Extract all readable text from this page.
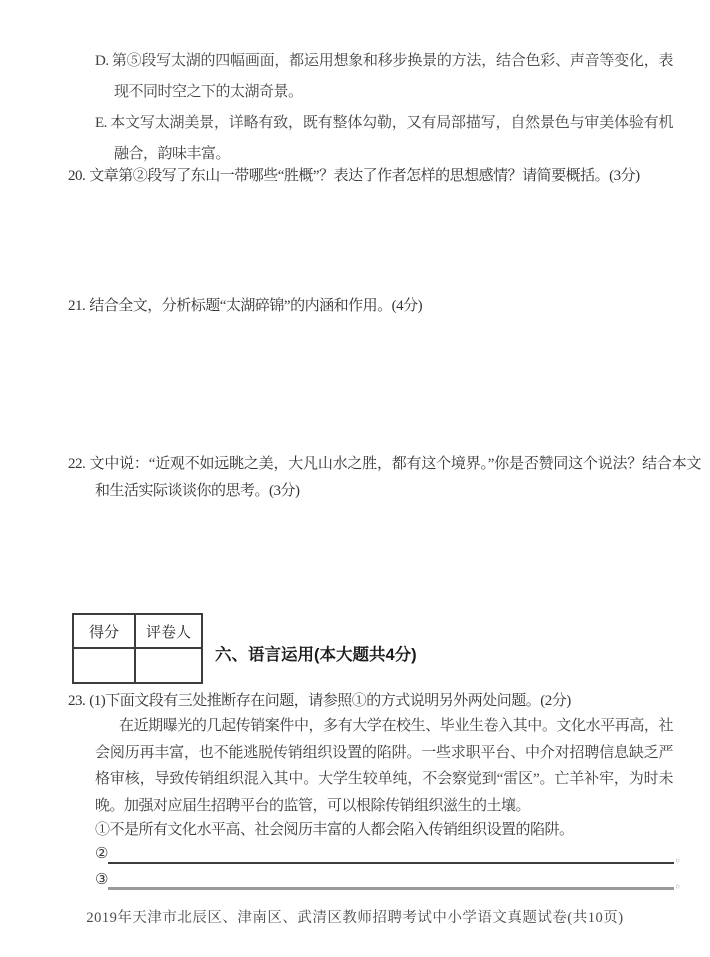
D. 第⑤段写太湖的四幅画面，都运用想象和移步换景的方法，结合色彩、声音等变化，表现不同时空之下的太湖奇景。
E. 本文写太湖美景，详略有致，既有整体勾勒，又有局部描写，自然景色与审美体验有机融合，韵味丰富。
20. 文章第②段写了东山一带哪些“胜概”？表达了作者怎样的思想感情？请简要概括。(3分)
21. 结合全文，分析标题“太湖碎锦”的内涵和作用。(4分)
22. 文中说：“近观不如远眺之美，大凡山水之胜，都有这个境界。”你是否赞同这个说法？结合本文和生活实际谈谈你的思考。(3分)
得分	评卷人

六、语言运用(本大题共4分)
23. (1)下面文段有三处推断存在问题，请参照①的方式说明另外两处问题。(2分)
在近期曝光的几起传销案件中，多有大学在校生、毕业生卷入其中。文化水平再高，社会阅历再丰富，也不能逃脱传销组织设置的陷阱。一些求职平台、中介对招聘信息缺乏严格审核，导致传销组织混入其中。大学生较单纯，不会察觉到“雷区”。亡羊补牢，为时未晚。加强对应届生招聘平台的监管，可以根除传销组织滋生的土壤。
①不是所有文化水平高、社会阅历丰富的人都会陷入传销组织设置的陷阱。
②	。
③	。
2019年天津市北辰区、津南区、武清区教师招聘考试中小学语文真题试卷(共10页)
